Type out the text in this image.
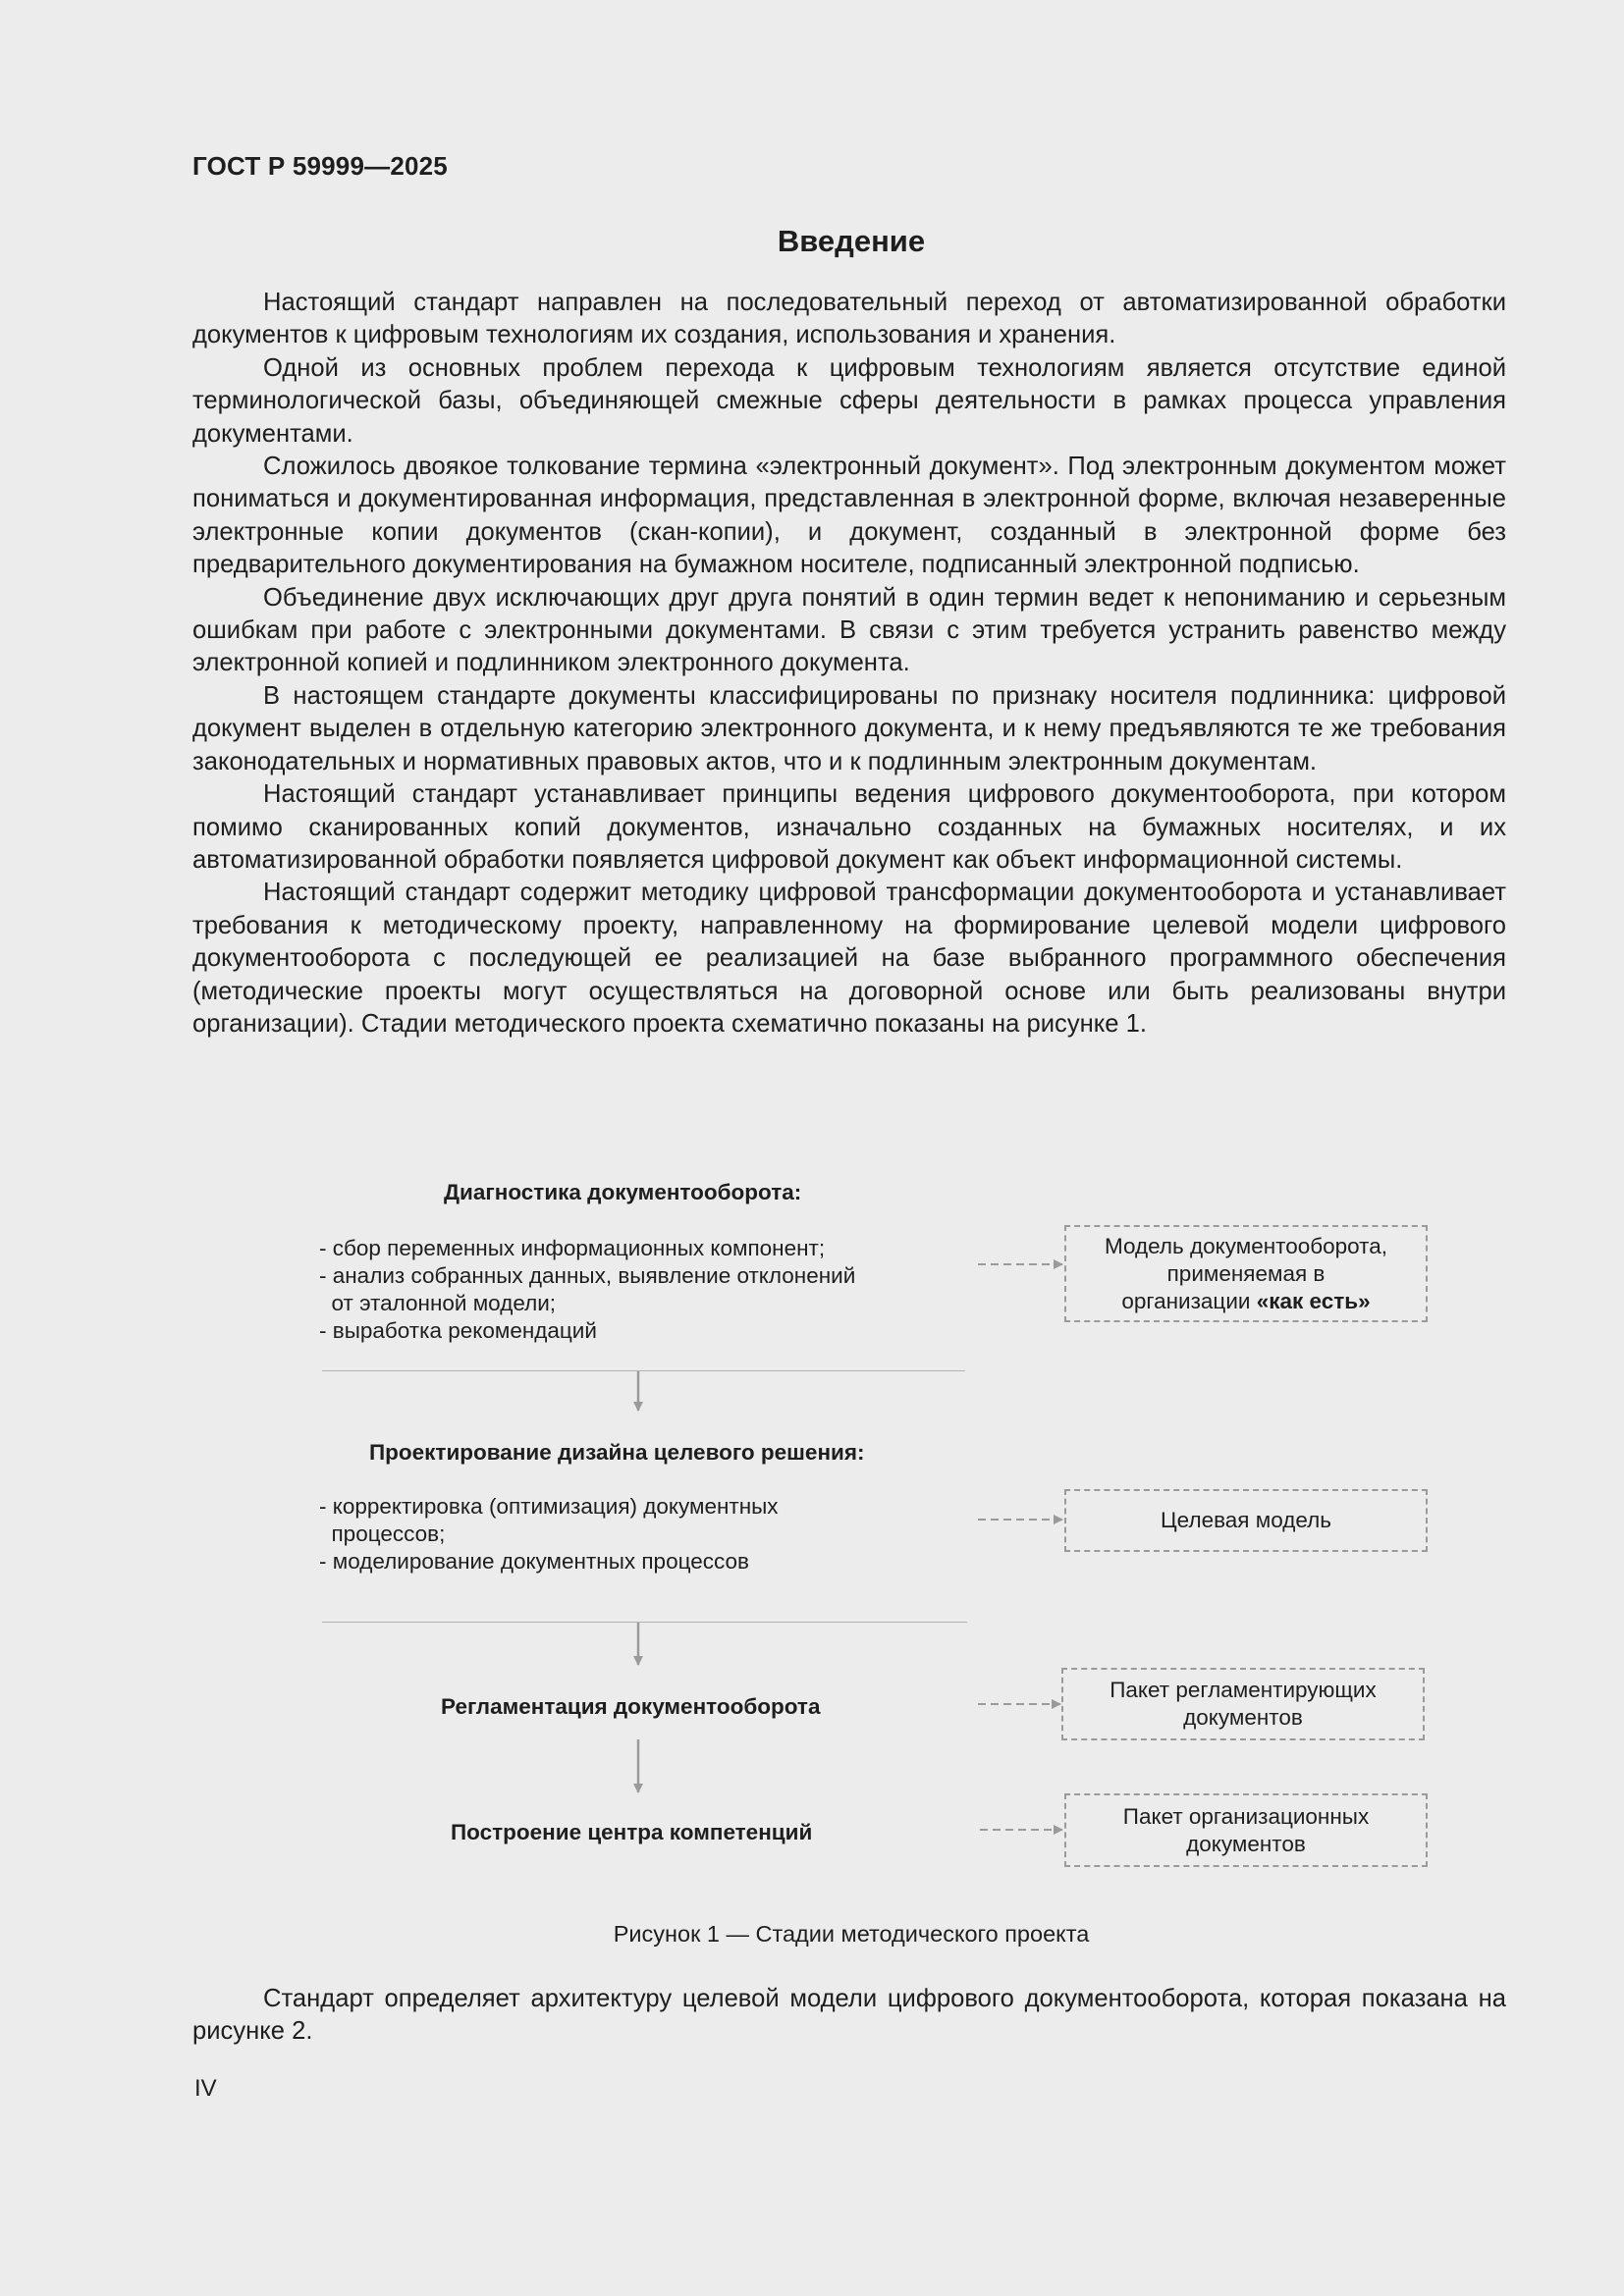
ГОСТ Р 59999—2025
Введение

Настоящий стандарт направлен на последовательный переход от автоматизированной обработки документов к цифровым технологиям их создания, использования и хранения.

Одной из основных проблем перехода к цифровым технологиям является отсутствие единой терминологической базы, объединяющей смежные сферы деятельности в рамках процесса управления документами.

Сложилось двоякое толкование термина «электронный документ». Под электронным документом может пониматься и документированная информация, представленная в электронной форме, включая незаверенные электронные копии документов (скан-копии), и документ, созданный в электронной форме без предварительного документирования на бумажном носителе, подписанный электронной подписью.

Объединение двух исключающих друг друга понятий в один термин ведет к непониманию и серьезным ошибкам при работе с электронными документами. В связи с этим требуется устранить равенство между электронной копией и подлинником электронного документа.

В настоящем стандарте документы классифицированы по признаку носителя подлинника: цифровой документ выделен в отдельную категорию электронного документа, и к нему предъявляются те же требования законодательных и нормативных правовых актов, что и к подлинным электронным документам.

Настоящий стандарт устанавливает принципы ведения цифрового документооборота, при котором помимо сканированных копий документов, изначально созданных на бумажных носителях, и их автоматизированной обработки появляется цифровой документ как объект информационной системы.

Настоящий стандарт содержит методику цифровой трансформации документооборота и устанавливает требования к методическому проекту, направленному на формирование целевой модели цифрового документооборота с последующей ее реализацией на базе выбранного программного обеспечения (методические проекты могут осуществляться на договорной основе или быть реализованы внутри организации). Стадии методического проекта схематично показаны на рисунке 1.

Диагностика документооборота:
- сбор переменных информационных компонент;
- анализ собранных данных, выявление отклонений
от эталонной модели;
- выработка рекомендаций
Модель документооборота,
применяемая в
организации «как есть»
Проектирование дизайна целевого решения:
- корректировка (оптимизация) документных
процессов;
- моделирование документных процессов
Целевая модель
Регламентация документооборота
Пакет регламентирующих
документов
Построение центра компетенций
Пакет организационных
документов
Рисунок 1 — Стадии методического проекта

Стандарт определяет архитектуру целевой модели цифрового документооборота, которая показана на рисунке 2.

IV
